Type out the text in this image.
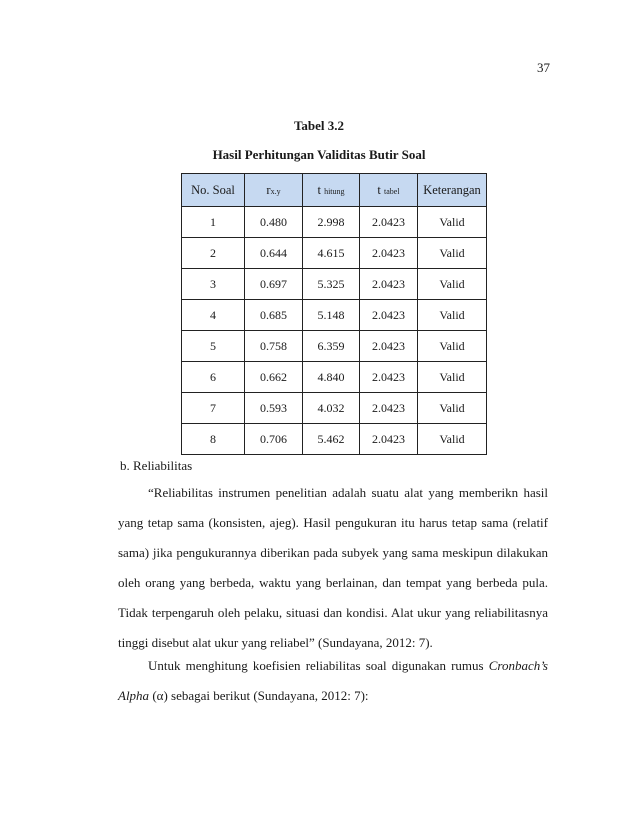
37

Tabel 3.2

Hasil Perhitungan Validitas Butir Soal

No. Soal	rx.y	t hitung	t tabel	Keterangan
1	0.480	2.998	2.0423	Valid
2	0.644	4.615	2.0423	Valid
3	0.697	5.325	2.0423	Valid
4	0.685	5.148	2.0423	Valid
5	0.758	6.359	2.0423	Valid
6	0.662	4.840	2.0423	Valid
7	0.593	4.032	2.0423	Valid
8	0.706	5.462	2.0423	Valid

b. Reliabilitas

“Reliabilitas instrumen penelitian adalah suatu alat yang memberikn hasil yang tetap sama (konsisten, ajeg). Hasil pengukuran itu harus tetap sama (relatif sama) jika pengukurannya diberikan pada subyek yang sama meskipun dilakukan oleh orang yang berbeda, waktu yang berlainan, dan tempat yang berbeda pula. Tidak terpengaruh oleh pelaku, situasi dan kondisi. Alat ukur yang reliabilitasnya tinggi disebut alat ukur yang reliabel” (Sundayana, 2012: 7).

Untuk menghitung koefisien reliabilitas soal digunakan rumus Cronbach’s Alpha (α) sebagai berikut (Sundayana, 2012: 7):
